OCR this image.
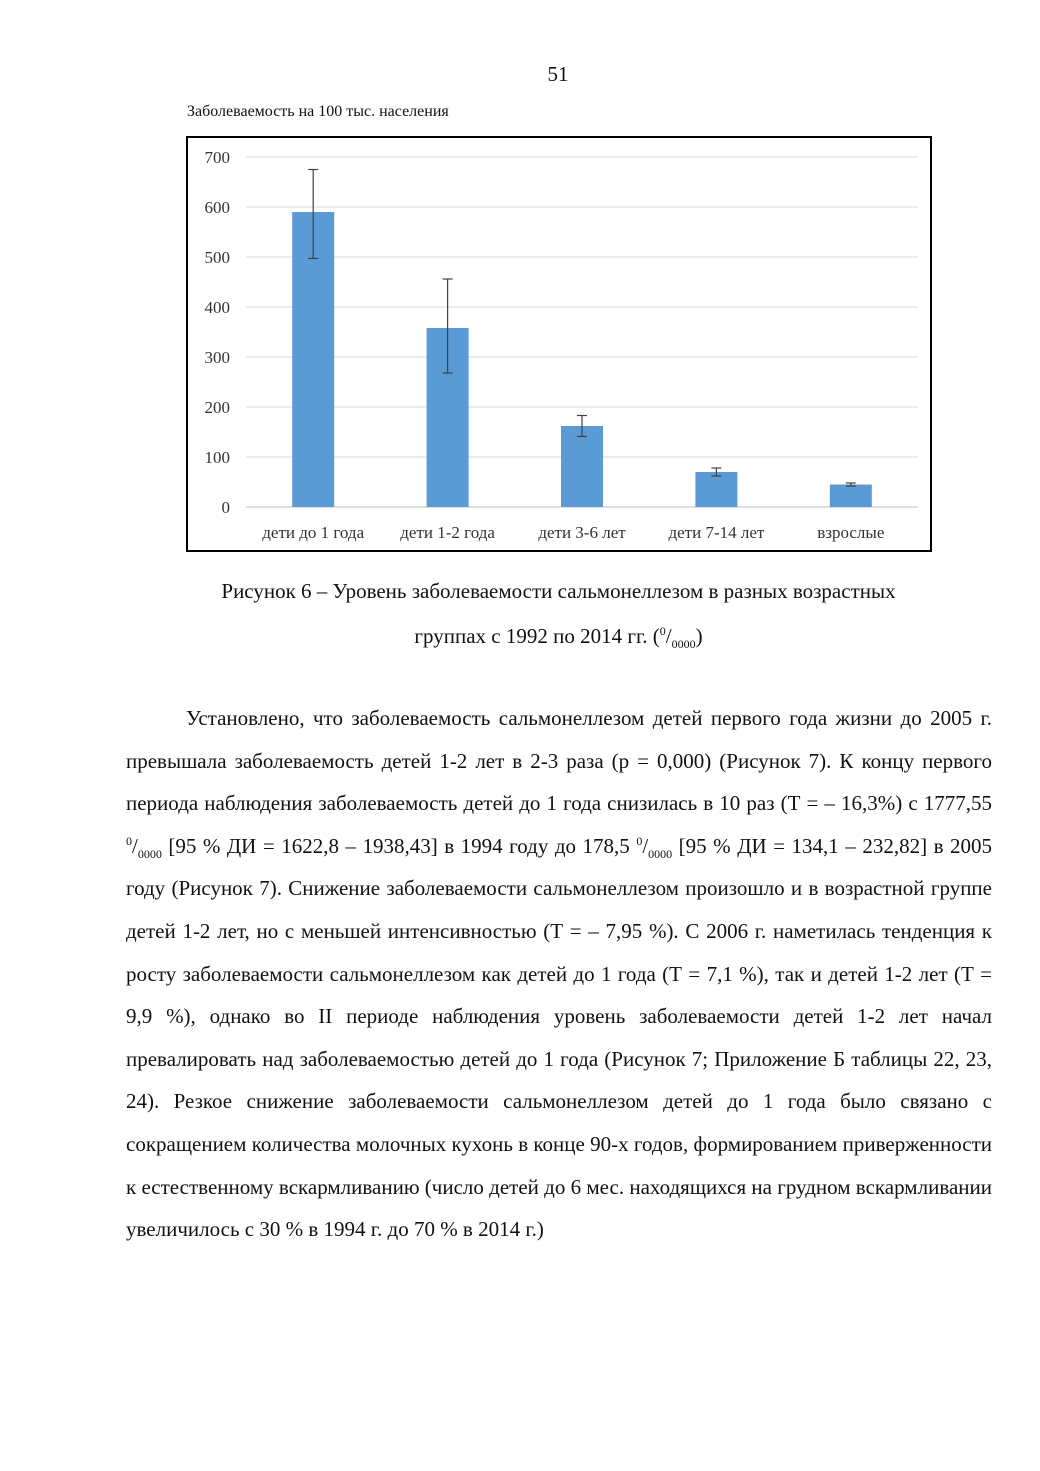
51
Заболеваемость на 100 тыс. населения
0
100
200
300
400
500
600
700
дети до 1 года дети 1-2 года	дети 3-6 лет	дети 7-14 лет	взрослые
Рисунок 6 – Уровень заболеваемости сальмонеллезом в разных возрастных
группах с 1992 по 2014 гг. $(^0/_{0000})$

Установлено, что заболеваемость сальмонеллезом детей первого года жизни до 2005 г. превышала заболеваемость детей 1-2 лет в 2-3 раза (р = 0,000) (Рисунок 7). К концу первого периода наблюдения заболеваемость детей до 1 года снизилась в 10 раз (Т = – 16,3%) с 1777,55 $^0/_{0000}$ [95 % ДИ = 1622,8 – 1938,43] в 1994 году до 178,5 $^0/_{0000}$ [95 % ДИ = 134,1 – 232,82] в 2005 году (Рисунок 7). Снижение заболеваемости сальмонеллезом произошло и в возрастной группе детей 1-2 лет, но с меньшей интенсивностью (Т = – 7,95 %). С 2006 г. наметилась тенденция к росту заболеваемости сальмонеллезом как детей до 1 года (Т = 7,1 %), так и детей 1-2 лет (Т = 9,9 %), однако во II периоде наблюдения уровень заболеваемости детей 1-2 лет начал превалировать над заболеваемостью детей до 1 года (Рисунок 7; Приложение Б таблицы 22, 23, 24). Резкое снижение заболеваемости сальмонеллезом детей до 1 года было связано с сокращением количества молочных кухонь в конце 90-х годов, формированием приверженности к естественному вскармливанию (число детей до 6 мес. находящихся на грудном вскармливании увеличилось с 30 % в 1994 г. до 70 % в 2014 г.)
